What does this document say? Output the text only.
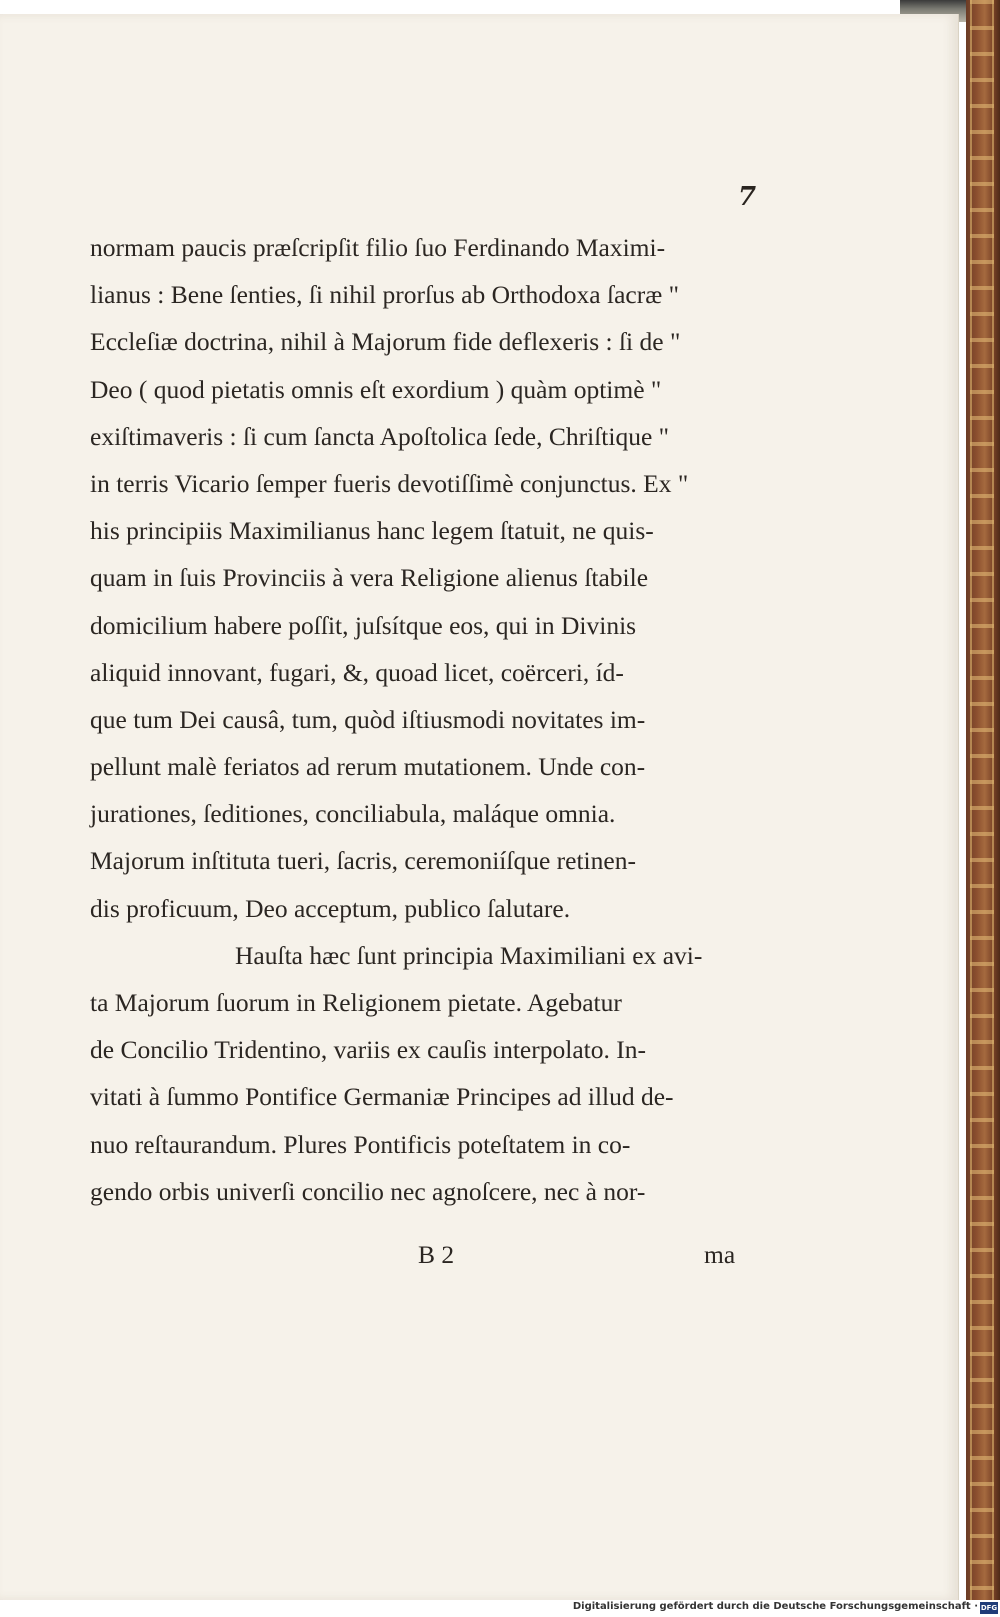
7
normam paucis præſcripſit filio ſuo Ferdinando Maximi-
lianus : Bene ſenties, ſi nihil prorſus ab Orthodoxa ſacræ "
Eccleſiæ doctrina, nihil à Majorum fide deflexeris : ſi de "
Deo ( quod pietatis omnis eſt exordium ) quàm optimè "
exiſtimaveris : ſi cum ſancta Apoſtolica ſede, Chriſtique "
in terris Vicario ſemper fueris devotiſſimè conjunctus. Ex "
his principiis Maximilianus hanc legem ſtatuit, ne quis-
quam in ſuis Provinciis à vera Religione alienus ſtabile
domicilium habere poſſit, juſsítque eos, qui in Divinis
aliquid innovant, fugari, &, quoad licet, coërceri, íd-
que tum Dei causâ, tum, quòd iſtiusmodi novitates im-
pellunt malè feriatos ad rerum mutationem. Unde con-
jurationes, ſeditiones, conciliabula, maláque omnia.
Majorum inſtituta tueri, ſacris, ceremoniíſque retinen-
dis proficuum, Deo acceptum, publico ſalutare.
Hauſta hæc ſunt principia Maximiliani ex avi-
ta Majorum ſuorum in Religionem pietate. Agebatur
de Concilio Tridentino, variis ex cauſis interpolato. In-
vitati à ſummo Pontifice Germaniæ Principes ad illud de-
nuo reſtaurandum. Plures Pontificis poteſtatem in co-
gendo orbis univerſi concilio nec agnoſcere, nec à nor-
B 2	ma
Digitalisierung gefördert durch die Deutsche Forschungsgemeinschaft · DFG
